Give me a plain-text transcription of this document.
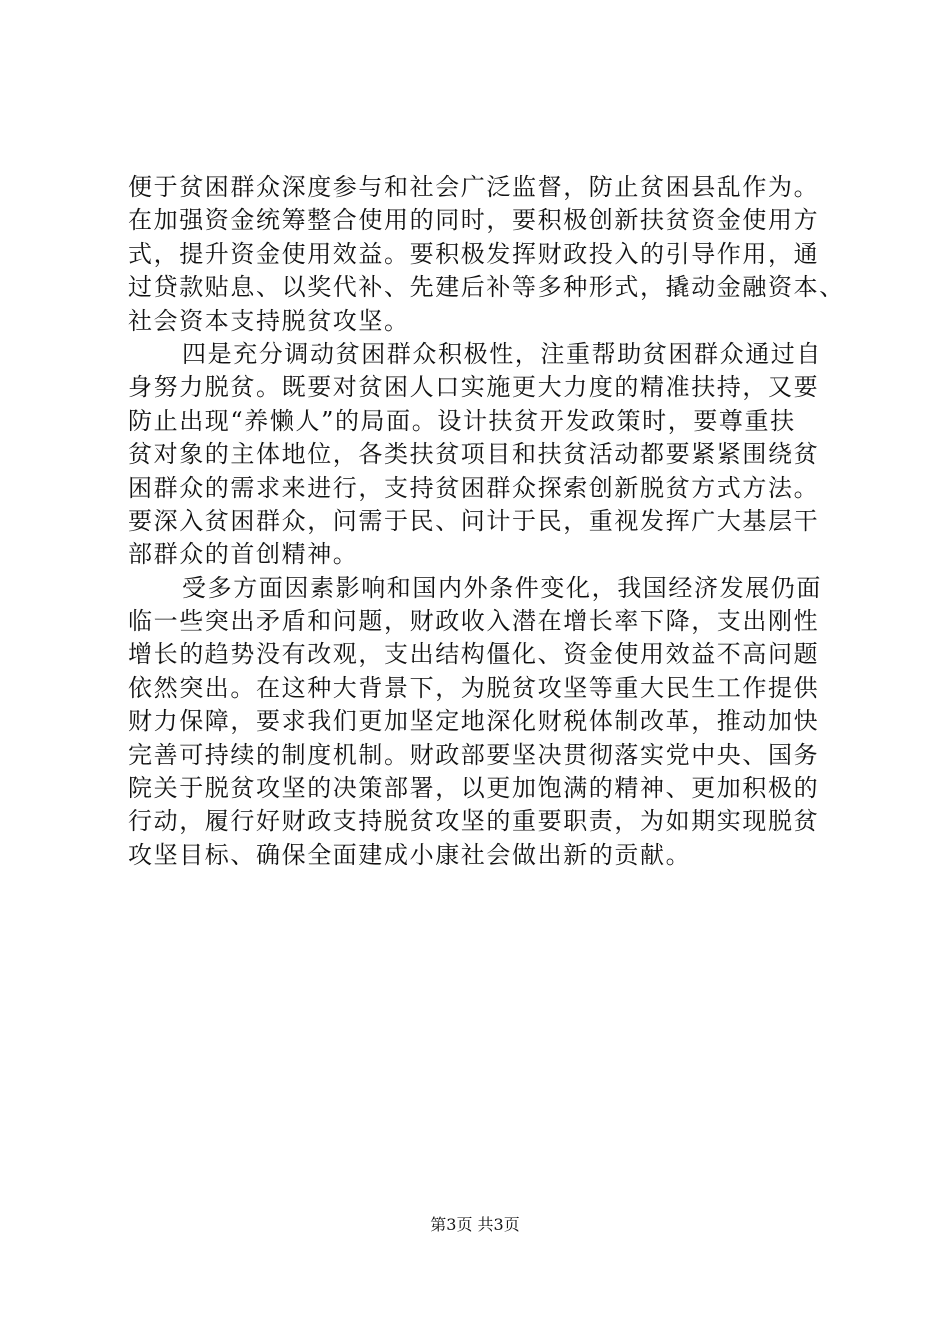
便于贫困群众深度参与和社会广泛监督，防止贫困县乱作为。
在加强资金统筹整合使用的同时，要积极创新扶贫资金使用方
式，提升资金使用效益。要积极发挥财政投入的引导作用，通
过贷款贴息、以奖代补、先建后补等多种形式，撬动金融资本、
社会资本支持脱贫攻坚。
四是充分调动贫困群众积极性，注重帮助贫困群众通过自
身努力脱贫。既要对贫困人口实施更大力度的精准扶持，又要
防止出现“养懒人”的局面。设计扶贫开发政策时，要尊重扶
贫对象的主体地位，各类扶贫项目和扶贫活动都要紧紧围绕贫
困群众的需求来进行，支持贫困群众探索创新脱贫方式方法。
要深入贫困群众，问需于民、问计于民，重视发挥广大基层干
部群众的首创精神。
受多方面因素影响和国内外条件变化，我国经济发展仍面
临一些突出矛盾和问题，财政收入潜在增长率下降，支出刚性
增长的趋势没有改观，支出结构僵化、资金使用效益不高问题
依然突出。在这种大背景下，为脱贫攻坚等重大民生工作提供
财力保障，要求我们更加坚定地深化财税体制改革，推动加快
完善可持续的制度机制。财政部要坚决贯彻落实党中央、国务
院关于脱贫攻坚的决策部署，以更加饱满的精神、更加积极的
行动，履行好财政支持脱贫攻坚的重要职责，为如期实现脱贫
攻坚目标、确保全面建成小康社会做出新的贡献。
第3页 共3页
